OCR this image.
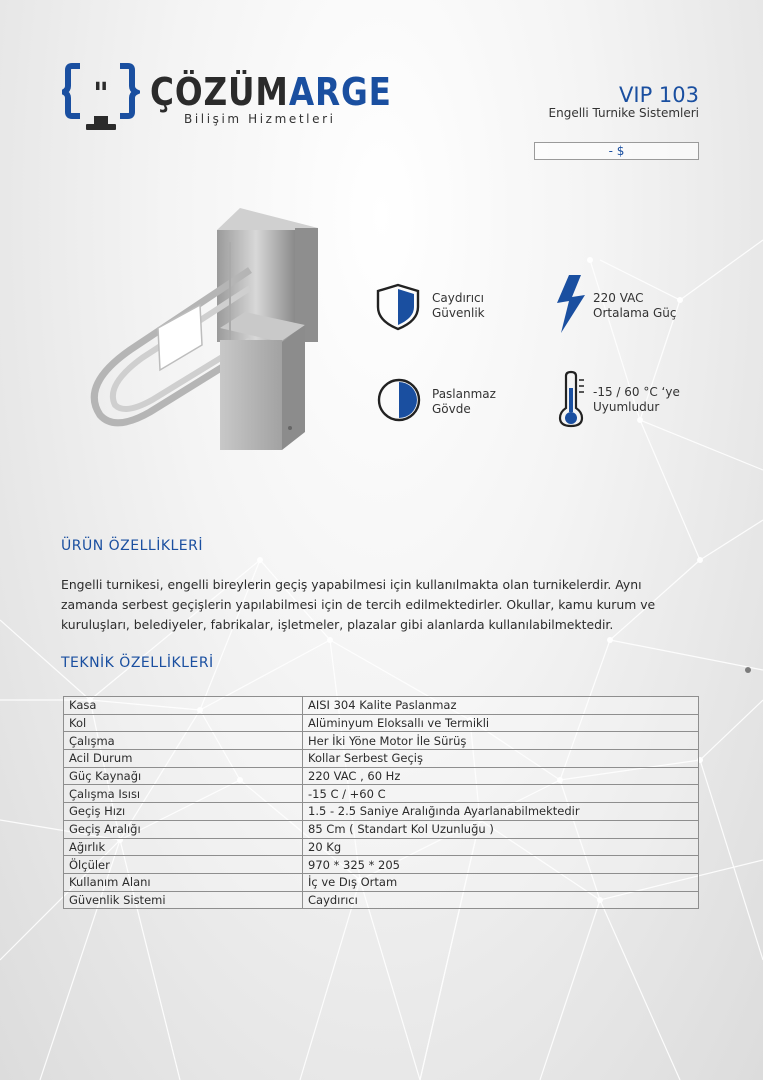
" ÇÖZÜMARGE
Bilişim Hizmetleri
VIP 103
Engelli Turnike Sistemleri
- $
Caydırıcı
Güvenlik
220 VAC
Ortalama Güç
Paslanmaz
Gövde
-15 / 60 °C ‘ye
Uyumludur
ÜRÜN ÖZELLİKLERİ
Engelli turnikesi, engelli bireylerin geçiş yapabilmesi için kullanılmakta olan turnikelerdir. Aynı zamanda serbest geçişlerin yapılabilmesi için de tercih edilmektedirler. Okullar, kamu kurum ve kuruluşları, belediyeler, fabrikalar, işletmeler, plazalar gibi alanlarda kullanılabilmektedir.
TEKNİK ÖZELLİKLERİ
Kasa	AISI 304 Kalite Paslanmaz
Kol	Alüminyum Eloksallı ve Termikli
Çalışma	Her İki Yöne Motor İle Sürüş
Acil Durum	Kollar Serbest Geçiş
Güç Kaynağı	220 VAC , 60 Hz
Çalışma Isısı	-15 C / +60 C
Geçiş Hızı	1.5 - 2.5 Saniye Aralığında Ayarlanabilmektedir
Geçiş Aralığı	85 Cm ( Standart Kol Uzunluğu )
Ağırlık	20 Kg
Ölçüler	970 * 325 * 205
Kullanım Alanı	İç ve Dış Ortam
Güvenlik Sistemi	Caydırıcı
